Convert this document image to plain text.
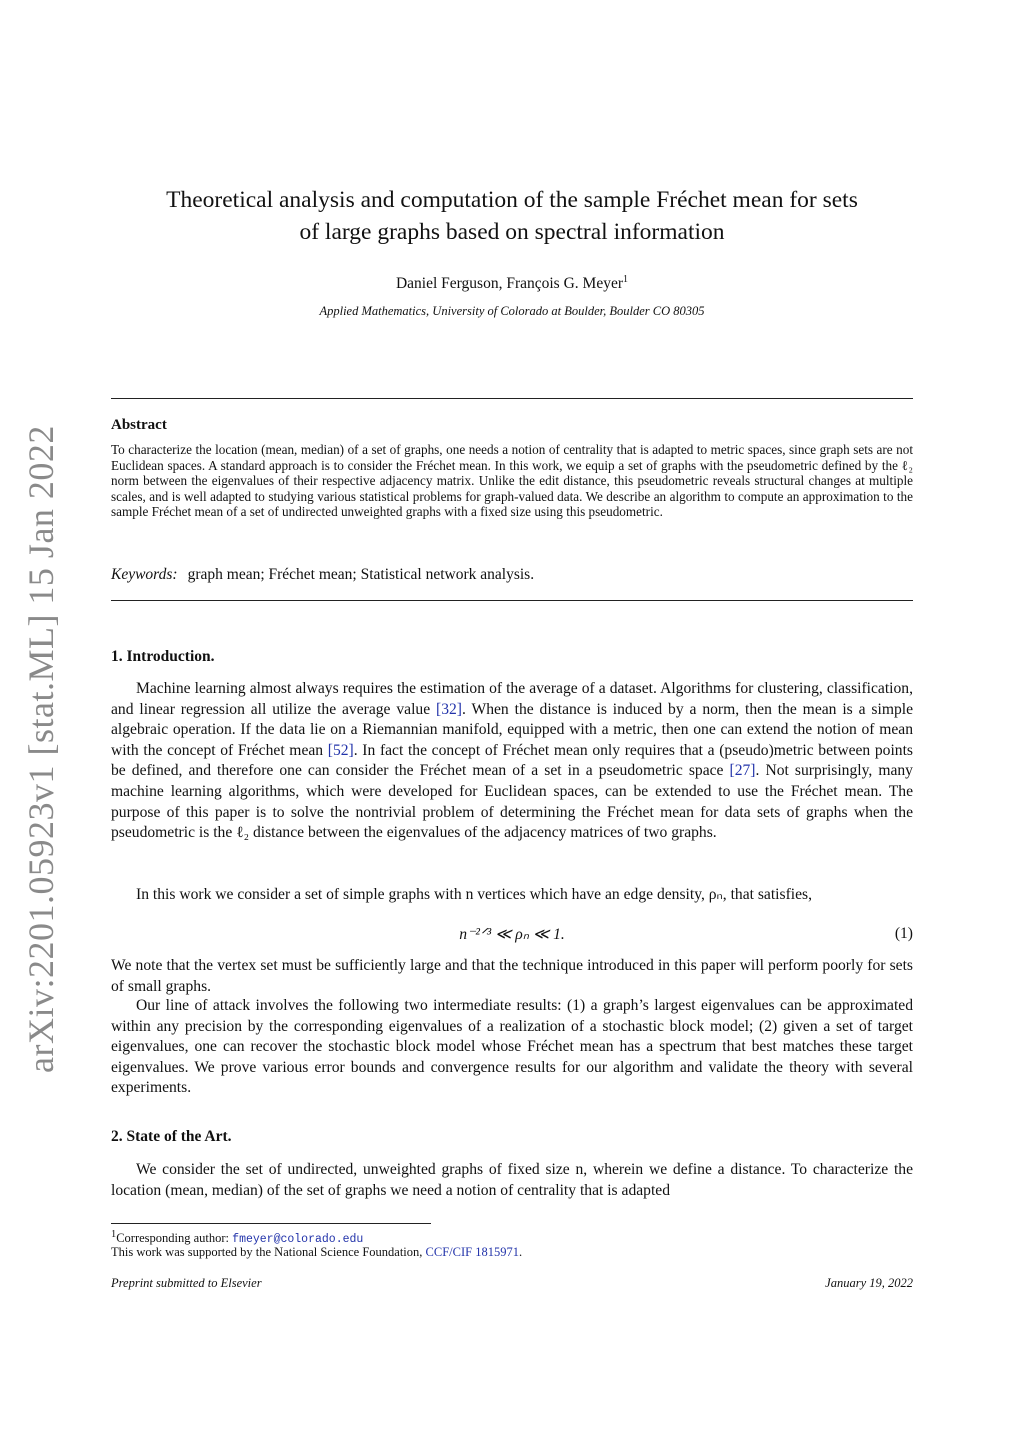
arXiv:2201.05923v1 [stat.ML] 15 Jan 2022
Theoretical analysis and computation of the sample Fréchet mean for sets
of large graphs based on spectral information
Daniel Ferguson, François G. Meyer$^1$
Applied Mathematics, University of Colorado at Boulder, Boulder CO 80305
Abstract
To characterize the location (mean, median) of a set of graphs, one needs a notion of centrality that is adapted to metric spaces, since graph sets are not Euclidean spaces. A standard approach is to consider the Fréchet mean. In this work, we equip a set of graphs with the pseudometric defined by the ℓ₂ norm between the eigenvalues of their respective adjacency matrix. Unlike the edit distance, this pseudometric reveals structural changes at multiple scales, and is well adapted to studying various statistical problems for graph-valued data. We describe an algorithm to compute an approximation to the sample Fréchet mean of a set of undirected unweighted graphs with a fixed size using this pseudometric.
Keywords: graph mean; Fréchet mean; Statistical network analysis.
1. Introduction.
Machine learning almost always requires the estimation of the average of a dataset. Algorithms for clustering, classification, and linear regression all utilize the average value [32]. When the distance is induced by a norm, then the mean is a simple algebraic operation. If the data lie on a Riemannian manifold, equipped with a metric, then one can extend the notion of mean with the concept of Fréchet mean [52]. In fact the concept of Fréchet mean only requires that a (pseudo)metric between points be defined, and therefore one can consider the Fréchet mean of a set in a pseudometric space [27]. Not surprisingly, many machine learning algorithms, which were developed for Euclidean spaces, can be extended to use the Fréchet mean. The purpose of this paper is to solve the nontrivial problem of determining the Fréchet mean for data sets of graphs when the pseudometric is the ℓ₂ distance between the eigenvalues of the adjacency matrices of two graphs.
In this work we consider a set of simple graphs with n vertices which have an edge density, ρₙ, that satisfies,
n⁻²ᐟ³ ≪ ρₙ ≪ 1.	(1)
We note that the vertex set must be sufficiently large and that the technique introduced in this paper will perform poorly for sets of small graphs.
Our line of attack involves the following two intermediate results: (1) a graph’s largest eigenvalues can be approximated within any precision by the corresponding eigenvalues of a realization of a stochastic block model; (2) given a set of target eigenvalues, one can recover the stochastic block model whose Fréchet mean has a spectrum that best matches these target eigenvalues. We prove various error bounds and convergence results for our algorithm and validate the theory with several experiments.
2. State of the Art.
We consider the set of undirected, unweighted graphs of fixed size n, wherein we define a distance. To characterize the location (mean, median) of the set of graphs we need a notion of centrality that is adapted
$^1$Corresponding author: fmeyer@colorado.edu
This work was supported by the National Science Foundation, CCF/CIF 1815971.
Preprint submitted to Elsevier	January 19, 2022
